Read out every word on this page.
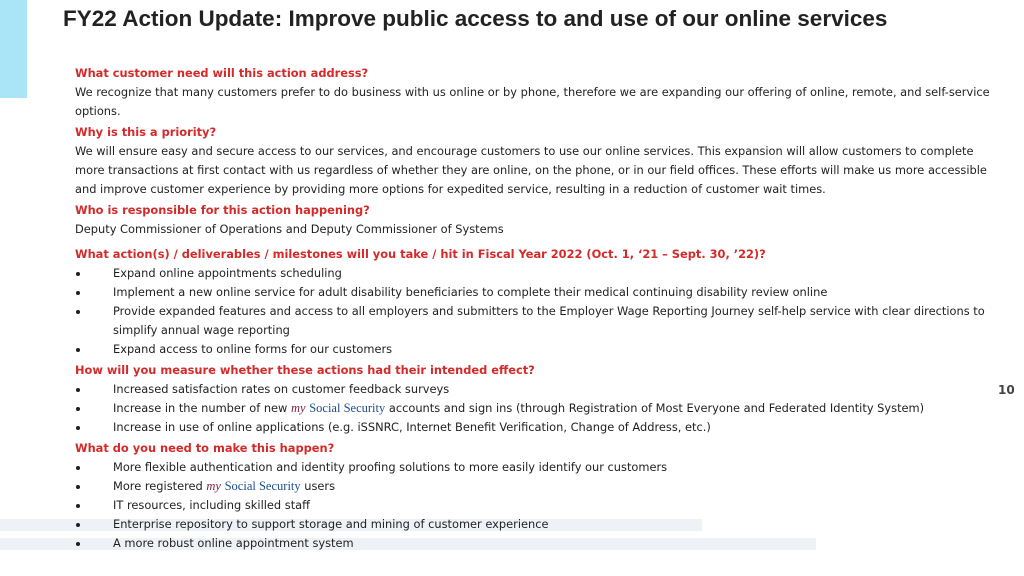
FY22 Action Update: Improve public access to and use of our online services
What customer need will this action address?
We recognize that many customers prefer to do business with us online or by phone, therefore we are expanding our offering of online, remote, and self-service options.
Why is this a priority?
We will ensure easy and secure access to our services, and encourage customers to use our online services. This expansion will allow customers to complete more transactions at first contact with us regardless of whether they are online, on the phone, or in our field offices. These efforts will make us more accessible and improve customer experience by providing more options for expedited service, resulting in a reduction of customer wait times.
Who is responsible for this action happening?
Deputy Commissioner of Operations and Deputy Commissioner of Systems
What action(s) / deliverables / milestones will you take / hit in Fiscal Year 2022 (Oct. 1, ‘21 – Sept. 30, ’22)?
Expand online appointments scheduling
Implement a new online service for adult disability beneficiaries to complete their medical continuing disability review online
Provide expanded features and access to all employers and submitters to the Employer Wage Reporting Journey self-help service with clear directions to simplify annual wage reporting
Expand access to online forms for our customers
How will you measure whether these actions had their intended effect?
Increased satisfaction rates on customer feedback surveys
Increase in the number of new my Social Security accounts and sign ins (through Registration of Most Everyone and Federated Identity System)
Increase in use of online applications (e.g. iSSNRC, Internet Benefit Verification, Change of Address, etc.)
What do you need to make this happen?
More flexible authentication and identity proofing solutions to more easily identify our customers
More registered my Social Security users
IT resources, including skilled staff
Enterprise repository to support storage and mining of customer experience
A more robust online appointment system
10
